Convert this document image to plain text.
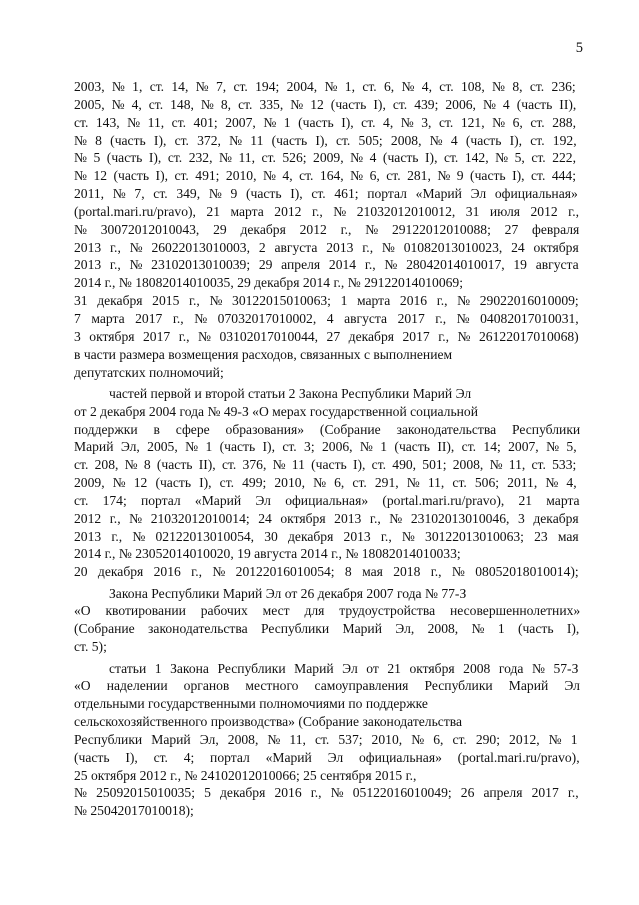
5
2003, № 1, ст. 14, № 7, ст. 194; 2004, № 1, ст. 6, № 4, ст. 108, № 8, ст. 236;
2005, № 4, ст. 148, № 8, ст. 335, № 12 (часть I), ст. 439; 2006, № 4 (часть II),
ст. 143, № 11, ст. 401; 2007, № 1 (часть I), ст. 4, № 3, ст. 121, № 6, ст. 288,
№ 8 (часть I), ст. 372, № 11 (часть I), ст. 505; 2008, № 4 (часть I), ст. 192,
№ 5 (часть I), ст. 232, № 11, ст. 526; 2009, № 4 (часть I), ст. 142, № 5, ст. 222,
№ 12 (часть I), ст. 491; 2010, № 4, ст. 164, № 6, ст. 281, № 9 (часть I), ст. 444;
2011, № 7, ст. 349, № 9 (часть I), ст. 461; портал «Марий Эл официальная»
(portal.mari.ru/pravo), 21 марта 2012 г., № 21032012010012, 31 июля 2012 г.,
№ 30072012010043, 29 декабря 2012 г., № 29122012010088; 27 февраля
2013 г., № 26022013010003, 2 августа 2013 г., № 01082013010023, 24 октября
2013 г., № 23102013010039; 29 апреля 2014 г., № 28042014010017, 19 августа
2014 г., № 18082014010035, 29 декабря 2014 г., № 29122014010069;
31 декабря 2015 г., № 30122015010063; 1 марта 2016 г., № 29022016010009;
7 марта 2017 г., № 07032017010002, 4 августа 2017 г., № 04082017010031,
3 октября 2017 г., № 03102017010044, 27 декабря 2017 г., № 26122017010068)
в части размера возмещения расходов, связанных с выполнением
депутатских полномочий;
частей первой и второй статьи 2 Закона Республики Марий Эл
от 2 декабря 2004 года № 49-З «О мерах государственной социальной
поддержки в сфере образования» (Собрание законодательства Республики
Марий Эл, 2005, № 1 (часть I), ст. 3; 2006, № 1 (часть II), ст. 14; 2007, № 5,
ст. 208, № 8 (часть II), ст. 376, № 11 (часть I), ст. 490, 501; 2008, № 11, ст. 533;
2009, № 12 (часть I), ст. 499; 2010, № 6, ст. 291, № 11, ст. 506; 2011, № 4,
ст. 174; портал «Марий Эл официальная» (portal.mari.ru/pravo), 21 марта
2012 г., № 21032012010014; 24 октября 2013 г., № 23102013010046, 3 декабря
2013 г., № 02122013010054, 30 декабря 2013 г., № 30122013010063; 23 мая
2014 г., № 23052014010020, 19 августа 2014 г., № 18082014010033;
20 декабря 2016 г., № 20122016010054; 8 мая 2018 г., № 08052018010014);
Закона Республики Марий Эл от 26 декабря 2007 года № 77-З
«О квотировании рабочих мест для трудоустройства несовершеннолетних»
(Собрание законодательства Республики Марий Эл, 2008, № 1 (часть I),
ст. 5);
статьи 1 Закона Республики Марий Эл от 21 октября 2008 года № 57-З
«О наделении органов местного самоуправления Республики Марий Эл
отдельными государственными полномочиями по поддержке
сельскохозяйственного производства» (Собрание законодательства
Республики Марий Эл, 2008, № 11, ст. 537; 2010, № 6, ст. 290; 2012, № 1
(часть I), ст. 4; портал «Марий Эл официальная» (portal.mari.ru/pravo),
25 октября 2012 г., № 24102012010066; 25 сентября 2015 г.,
№ 25092015010035; 5 декабря 2016 г., № 05122016010049; 26 апреля 2017 г.,
№ 25042017010018);
